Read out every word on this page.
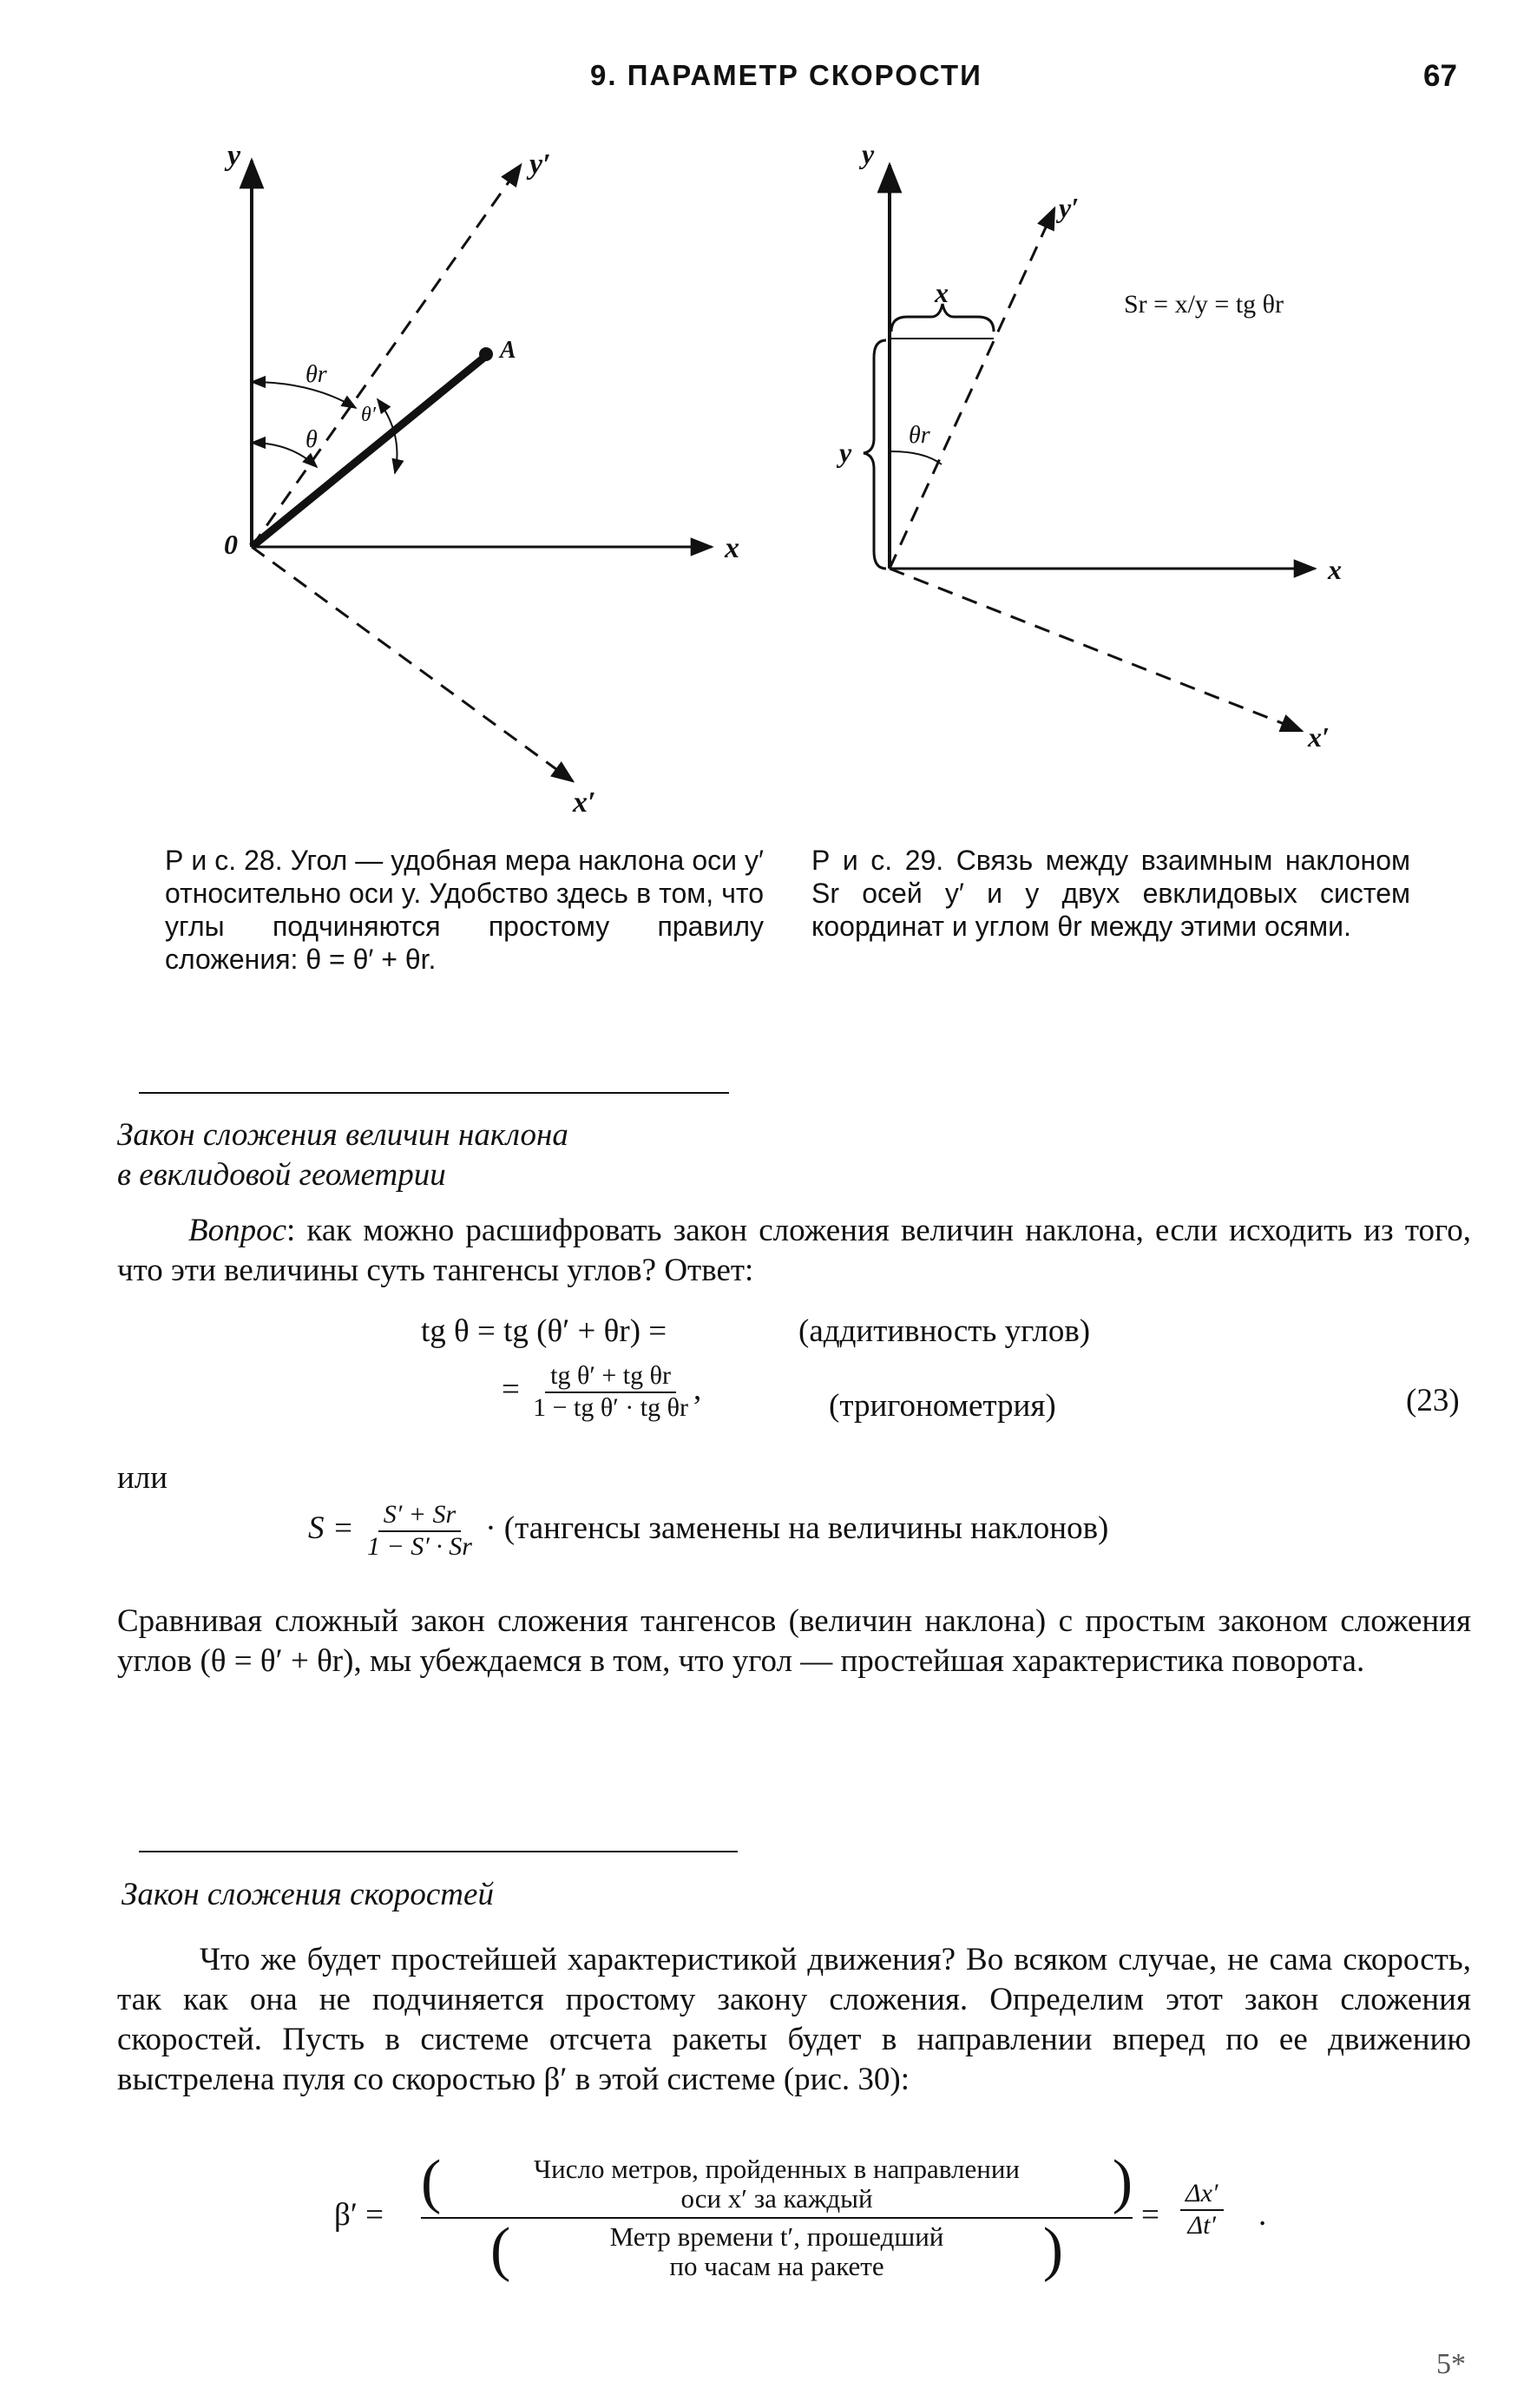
9. ПАРАМЕТР СКОРОСТИ	67
y	y′
A
θr
θ
θ′
0	x
x′
y
y′
x
y
θr
x
x′
Sr = x/y = tg θr
Р и с. 28. Угол — удобная мера наклона оси y′ относительно оси y. Удобство здесь в том, что углы подчиняются простому правилу сложения: θ = θ′ + θr.
Р и с. 29. Связь между взаимным наклоном Sr осей y′ и y двух евклидовых систем координат и углом θr между этими осями.
Закон сложения величин наклона
в евклидовой геометрии
Вопрос: как можно расшифровать закон сложения величин наклона, если исходить из того, что эти величины суть тангенсы углов? Ответ:
tg θ = tg (θ′ + θr) =	(аддитивность углов)
= $\frac{\text{tg θ′ + tg θr}}{\text{1 − tg θ′ · tg θr}}$ ,	(тригонометрия)	(23)
или
$S = \frac{S' + Sr}{1 - S' \cdot Sr}$ · (тангенсы заменены на величины наклонов)
Сравнивая сложный закон сложения тангенсов (величин наклона) с простым законом сложения углов (θ = θ′ + θr), мы убеждаемся в том, что угол — простейшая характеристика поворота.
Закон сложения скоростей
Что же будет простейшей характеристикой движения? Во всяком случае, не сама скорость, так как она не подчиняется простому закону сложения. Определим этот закон сложения скоростей. Пусть в системе отсчета ракеты будет в направлении вперед по ее движению выстрелена пуля со скоростью β′ в этой системе (рис. 30):
β′ = (	Число метров, пройденных в направлении
оси x′ за каждый	)
(	Метр времени t′, прошедший
по часам на ракете	)
= $\frac{\Delta x'}{\Delta t'}$ .
5*
